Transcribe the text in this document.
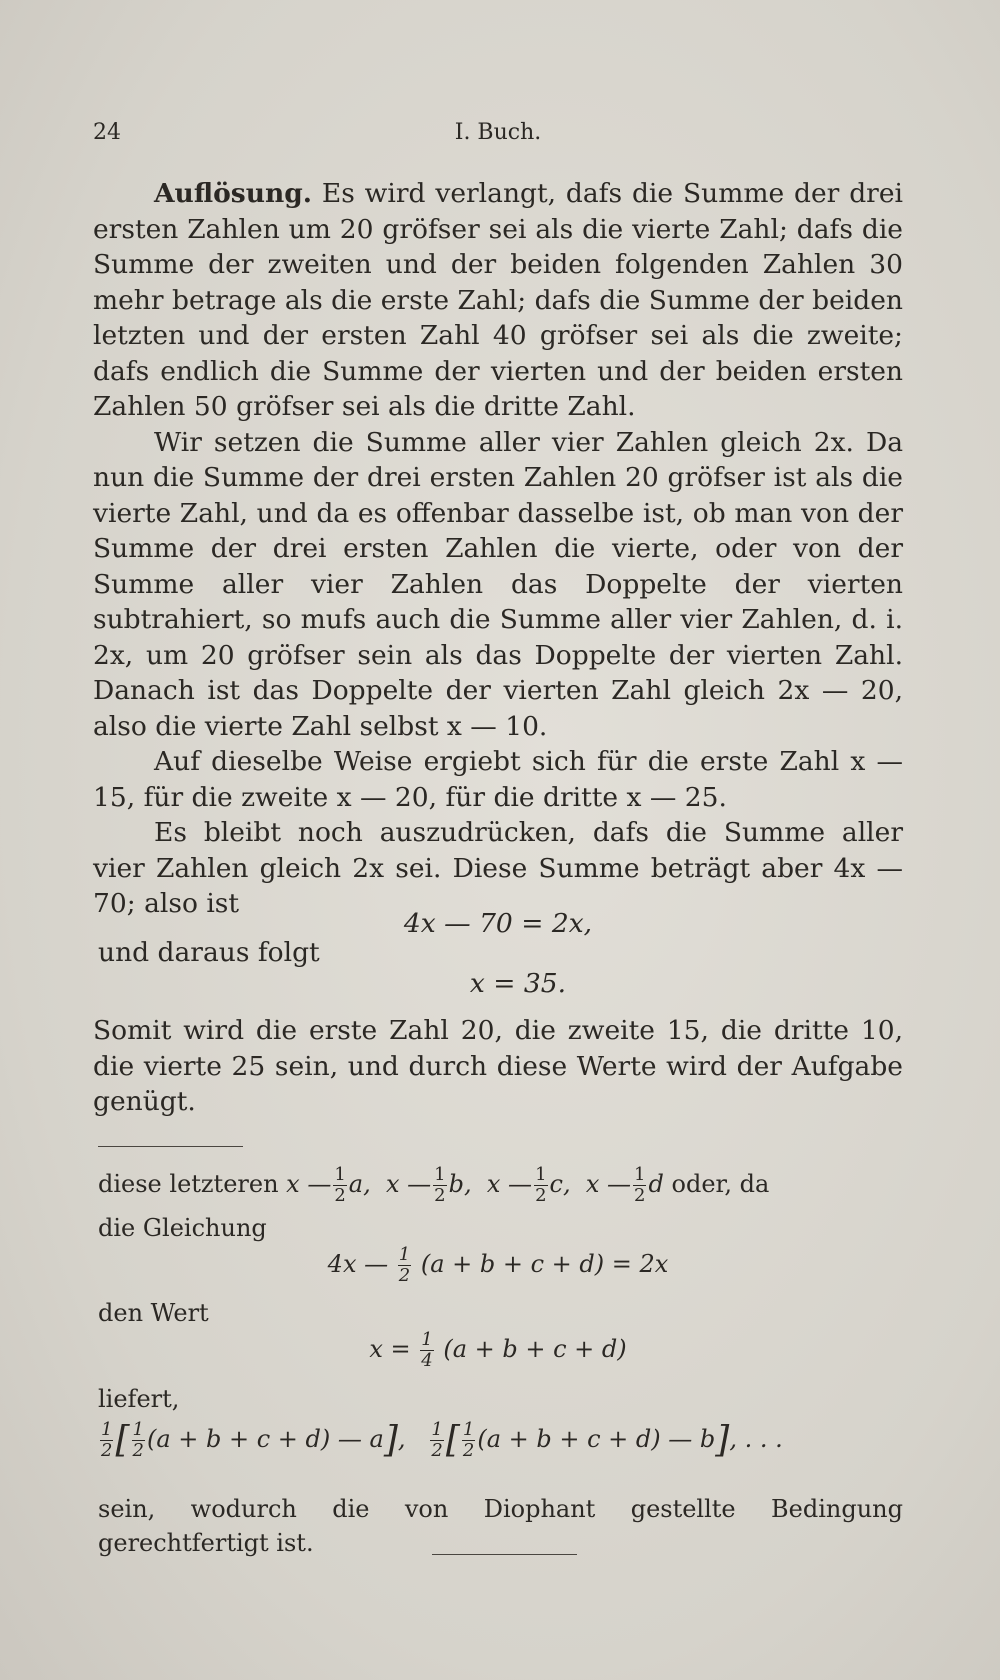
24	I. Buch.

Auflösung. Es wird verlangt, dafs die Summe der drei ersten Zahlen um 20 gröfser sei als die vierte Zahl; dafs die Summe der zweiten und der beiden folgenden Zahlen 30 mehr betrage als die erste Zahl; dafs die Summe der beiden letzten und der ersten Zahl 40 gröfser sei als die zweite; dafs endlich die Summe der vierten und der beiden ersten Zahlen 50 gröfser sei als die dritte Zahl.

Wir setzen die Summe aller vier Zahlen gleich 2x. Da nun die Summe der drei ersten Zahlen 20 gröfser ist als die vierte Zahl, und da es offenbar dasselbe ist, ob man von der Summe der drei ersten Zahlen die vierte, oder von der Summe aller vier Zahlen das Doppelte der vierten subtrahiert, so mufs auch die Summe aller vier Zahlen, d. i. 2x, um 20 gröfser sein als das Doppelte der vierten Zahl. Danach ist das Doppelte der vierten Zahl gleich 2x — 20, also die vierte Zahl selbst x — 10.

Auf dieselbe Weise ergiebt sich für die erste Zahl x — 15, für die zweite x — 20, für die dritte x — 25.

Es bleibt noch auszudrücken, dafs die Summe aller vier Zahlen gleich 2x sei. Diese Summe beträgt aber 4x — 70; also ist

4x — 70 = 2x,
und daraus folgt
x = 35.

Somit wird die erste Zahl 20, die zweite 15, die dritte 10, die vierte 25 sein, und durch diese Werte wird der Aufgabe genügt.

diese letzteren x — $\frac{1}{2} a$, x — $\frac{1}{2} b$, x — $\frac{1}{2} c$, x — $\frac{1}{2}$ d oder, da
die Gleichung
4x — $\frac{1}{2} (a + b + c + d) = 2x$
den Wert
$x = \frac{1}{4} (a + b + c + d)$
liefert,
$\frac{1}{2}$ [ $\frac{1}{2} (a + b + c + d)$ — a], $\frac{1}{2}$ [ $\frac{1}{2} (a + b + c + d)$ — b], . . .
sein, wodurch die von Diophant gestellte Bedingung gerechtfertigt ist.
